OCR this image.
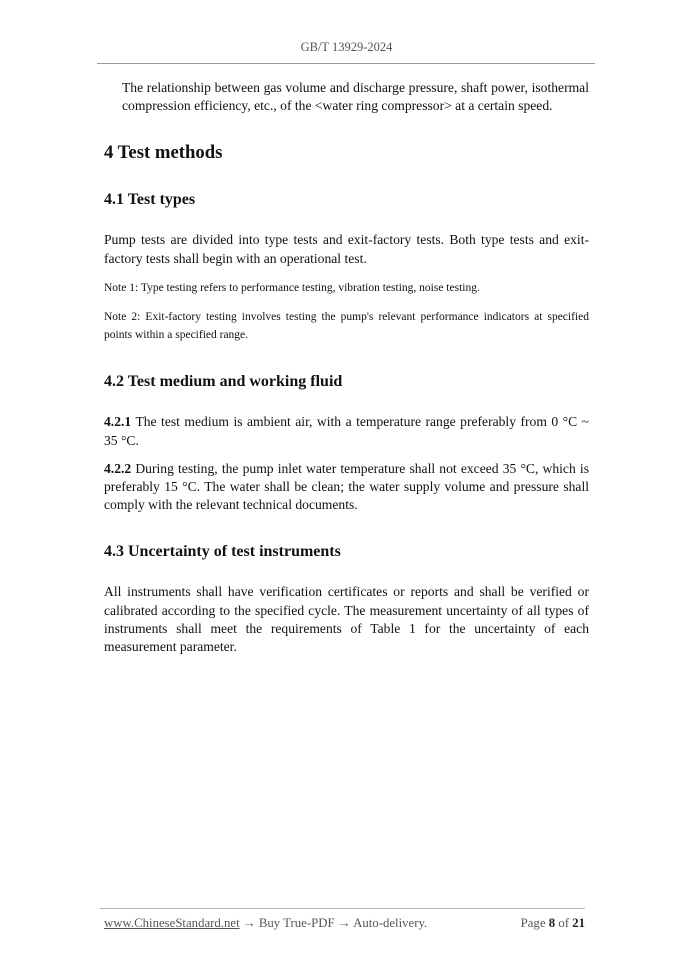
GB/T 13929-2024

The relationship between gas volume and discharge pressure, shaft power, isothermal compression efficiency, etc., of the <water ring compressor> at a certain speed.

4 Test methods
4.1 Test types

Pump tests are divided into type tests and exit-factory tests. Both type tests and exit-factory tests shall begin with an operational test.

Note 1: Type testing refers to performance testing, vibration testing, noise testing.

Note 2: Exit-factory testing involves testing the pump's relevant performance indicators at specified points within a specified range.

4.2 Test medium and working fluid

4.2.1 The test medium is ambient air, with a temperature range preferably from 0 °C ~ 35 °C.

4.2.2 During testing, the pump inlet water temperature shall not exceed 35 °C, which is preferably 15 °C. The water shall be clean; the water supply volume and pressure shall comply with the relevant technical documents.

4.3 Uncertainty of test instruments

All instruments shall have verification certificates or reports and shall be verified or calibrated according to the specified cycle. The measurement uncertainty of all types of instruments shall meet the requirements of Table 1 for the uncertainty of each measurement parameter.

www.ChineseStandard.net → Buy True-PDF → Auto-delivery.	Page 8 of 21
